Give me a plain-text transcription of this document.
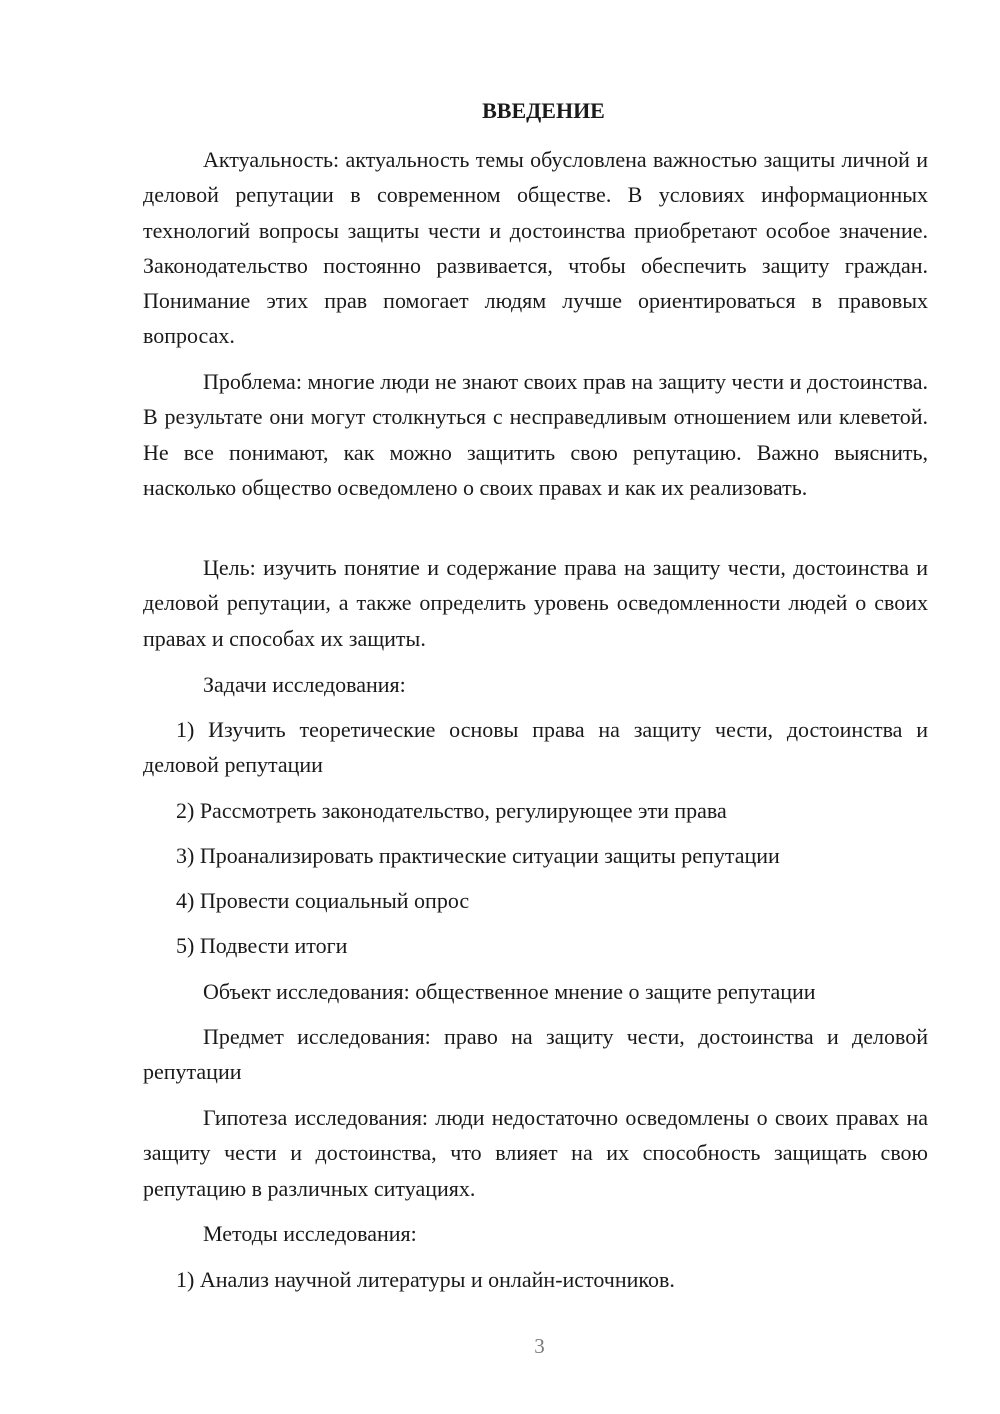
ВВЕДЕНИЕ

Актуальность: актуальность темы обусловлена важностью защиты личной и деловой репутации в современном обществе. В условиях информационных технологий вопросы защиты чести и достоинства приобретают особое значение. Законодательство постоянно развивается, чтобы обеспечить защиту граждан. Понимание этих прав помогает людям лучше ориентироваться в правовых вопросах.

Проблема: многие люди не знают своих прав на защиту чести и достоинства. В результате они могут столкнуться с несправедливым отношением или клеветой. Не все понимают, как можно защитить свою репутацию. Важно выяснить, насколько общество осведомлено о своих правах и как их реализовать.

Цель: изучить понятие и содержание права на защиту чести, достоинства и деловой репутации, а также определить уровень осведомленности людей о своих правах и способах их защиты.

Задачи исследования:

1) Изучить теоретические основы права на защиту чести, достоинства и деловой репутации

2) Рассмотреть законодательство, регулирующее эти права

3) Проанализировать практические ситуации защиты репутации

4) Провести социальный опрос

5) Подвести итоги

Объект исследования: общественное мнение о защите репутации

Предмет исследования: право на защиту чести, достоинства и деловой репутации

Гипотеза исследования: люди недостаточно осведомлены о своих правах на защиту чести и достоинства, что влияет на их способность защищать свою репутацию в различных ситуациях.

Методы исследования:

1) Анализ научной литературы и онлайн-источников.

3
